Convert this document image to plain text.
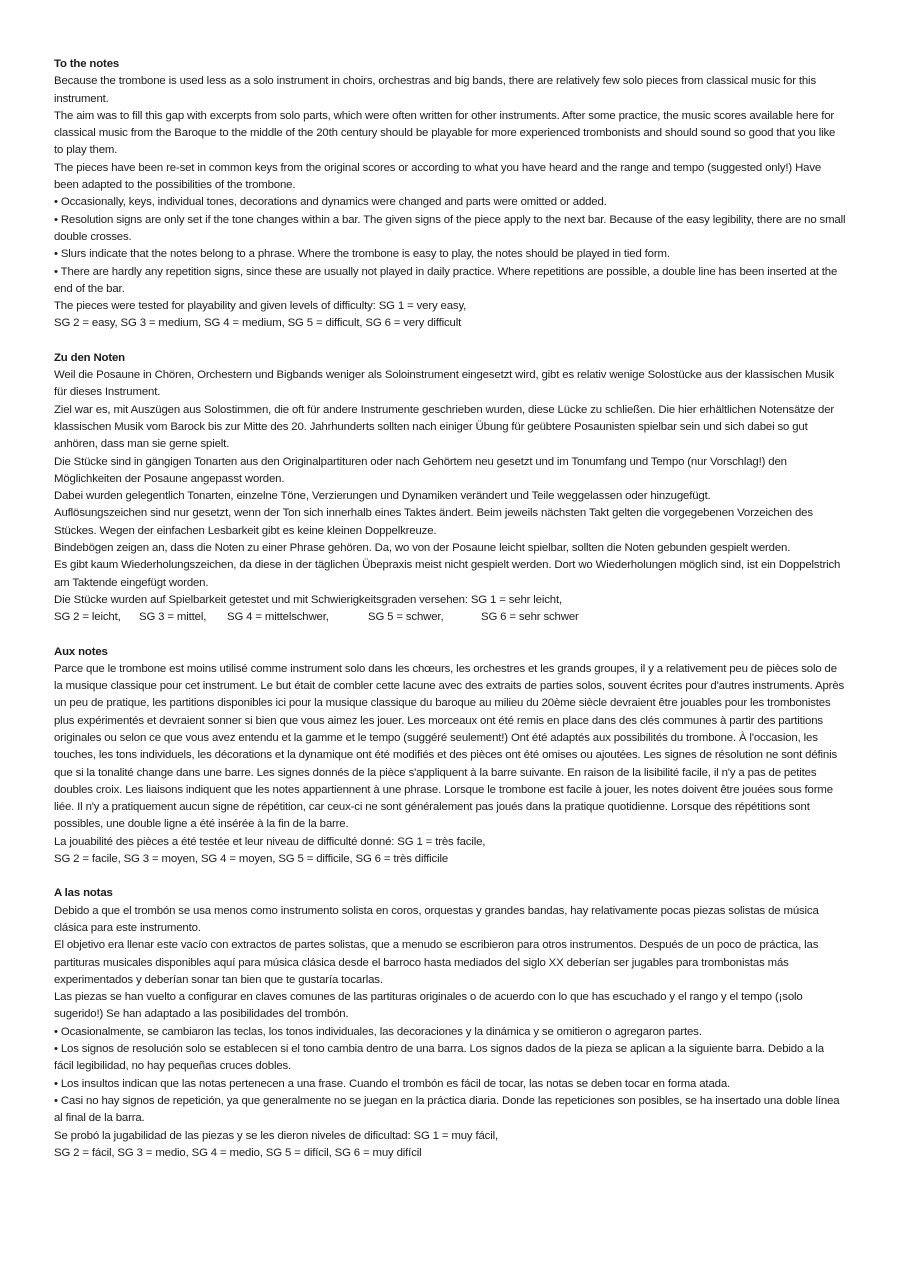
To the notes

Because the trombone is used less as a solo instrument in choirs, orchestras and big bands, there are relatively few solo pieces from classical music for this instrument.

The aim was to fill this gap with excerpts from solo parts, which were often written for other instruments. After some practice, the music scores available here for classical music from the Baroque to the middle of the 20th century should be playable for more experienced trombonists and should sound so good that you like to play them.

The pieces have been re-set in common keys from the original scores or according to what you have heard and the range and tempo (suggested only!) Have been adapted to the possibilities of the trombone.

• Occasionally, keys, individual tones, decorations and dynamics were changed and parts were omitted or added.

• Resolution signs are only set if the tone changes within a bar. The given signs of the piece apply to the next bar. Because of the easy legibility, there are no small double crosses.

• Slurs indicate that the notes belong to a phrase. Where the trombone is easy to play, the notes should be played in tied form.

• There are hardly any repetition signs, since these are usually not played in daily practice. Where repetitions are possible, a double line has been inserted at the end of the bar.

The pieces were tested for playability and given levels of difficulty: SG 1 = very easy,

SG 2 = easy, SG 3 = medium, SG 4 = medium, SG 5 = difficult, SG 6 = very difficult

Zu den Noten

Weil die Posaune in Chören, Orchestern und Bigbands weniger als Soloinstrument eingesetzt wird, gibt es relativ wenige Solostücke aus der klassischen Musik für dieses Instrument.

Ziel war es, mit Auszügen aus Solostimmen, die oft für andere Instrumente geschrieben wurden, diese Lücke zu schließen. Die hier erhältlichen Notensätze der klassischen Musik vom Barock bis zur Mitte des 20. Jahrhunderts sollten nach einiger Übung für geübtere Posaunisten spielbar sein und sich dabei so gut anhören, dass man sie gerne spielt.

Die Stücke sind in gängigen Tonarten aus den Originalpartituren oder nach Gehörtem neu gesetzt und im Tonumfang und Tempo (nur Vorschlag!) den Möglichkeiten der Posaune angepasst worden.

Dabei wurden gelegentlich Tonarten, einzelne Töne, Verzierungen und Dynamiken verändert und Teile weggelassen oder hinzugefügt.

Auflösungszeichen sind nur gesetzt, wenn der Ton sich innerhalb eines Taktes ändert. Beim jeweils nächsten Takt gelten die vorgegebenen Vorzeichen des Stückes. Wegen der einfachen Lesbarkeit gibt es keine kleinen Doppelkreuze.

Bindebögen zeigen an, dass die Noten zu einer Phrase gehören. Da, wo von der Posaune leicht spielbar, sollten die Noten gebunden gespielt werden.

Es gibt kaum Wiederholungszeichen, da diese in der täglichen Übepraxis meist nicht gespielt werden. Dort wo Wiederholungen möglich sind, ist ein Doppelstrich am Taktende eingefügt worden.

Die Stücke wurden auf Spielbarkeit getestet und mit Schwierigkeitsgraden versehen: SG 1 = sehr leicht,

SG 2 = leicht, SG 3 = mittel, SG 4 = mittelschwer,	SG 5 = schwer,	SG 6 = sehr schwer

Aux notes

Parce que le trombone est moins utilisé comme instrument solo dans les chœurs, les orchestres et les grands groupes, il y a relativement peu de pièces solo de la musique classique pour cet instrument. Le but était de combler cette lacune avec des extraits de parties solos, souvent écrites pour d'autres instruments. Après un peu de pratique, les partitions disponibles ici pour la musique classique du baroque au milieu du 20ème siècle devraient être jouables pour les trombonistes plus expérimentés et devraient sonner si bien que vous aimez les jouer. Les morceaux ont été remis en place dans des clés communes à partir des partitions originales ou selon ce que vous avez entendu et la gamme et le tempo (suggéré seulement!) Ont été adaptés aux possibilités du trombone. À l'occasion, les touches, les tons individuels, les décorations et la dynamique ont été modifiés et des pièces ont été omises ou ajoutées. Les signes de résolution ne sont définis que si la tonalité change dans une barre. Les signes donnés de la pièce s'appliquent à la barre suivante. En raison de la lisibilité facile, il n'y a pas de petites doubles croix. Les liaisons indiquent que les notes appartiennent à une phrase. Lorsque le trombone est facile à jouer, les notes doivent être jouées sous forme liée. Il n'y a pratiquement aucun signe de répétition, car ceux-ci ne sont généralement pas joués dans la pratique quotidienne. Lorsque des répétitions sont possibles, une double ligne a été insérée à la fin de la barre.

La jouabilité des pièces a été testée et leur niveau de difficulté donné: SG 1 = très facile,

SG 2 = facile, SG 3 = moyen, SG 4 = moyen, SG 5 = difficile, SG 6 = très difficile

A las notas

Debido a que el trombón se usa menos como instrumento solista en coros, orquestas y grandes bandas, hay relativamente pocas piezas solistas de música clásica para este instrumento.

El objetivo era llenar este vacío con extractos de partes solistas, que a menudo se escribieron para otros instrumentos. Después de un poco de práctica, las partituras musicales disponibles aquí para música clásica desde el barroco hasta mediados del siglo XX deberían ser jugables para trombonistas más experimentados y deberían sonar tan bien que te gustaría tocarlas.

Las piezas se han vuelto a configurar en claves comunes de las partituras originales o de acuerdo con lo que has escuchado y el rango y el tempo (¡solo sugerido!) Se han adaptado a las posibilidades del trombón.

• Ocasionalmente, se cambiaron las teclas, los tonos individuales, las decoraciones y la dinámica y se omitieron o agregaron partes.

• Los signos de resolución solo se establecen si el tono cambia dentro de una barra. Los signos dados de la pieza se aplican a la siguiente barra. Debido a la fácil legibilidad, no hay pequeñas cruces dobles.

• Los insultos indican que las notas pertenecen a una frase. Cuando el trombón es fácil de tocar, las notas se deben tocar en forma atada.

• Casi no hay signos de repetición, ya que generalmente no se juegan en la práctica diaria. Donde las repeticiones son posibles, se ha insertado una doble línea al final de la barra.

Se probó la jugabilidad de las piezas y se les dieron niveles de dificultad: SG 1 = muy fácil,

SG 2 = fácil, SG 3 = medio, SG 4 = medio, SG 5 = difícil, SG 6 = muy difícil
